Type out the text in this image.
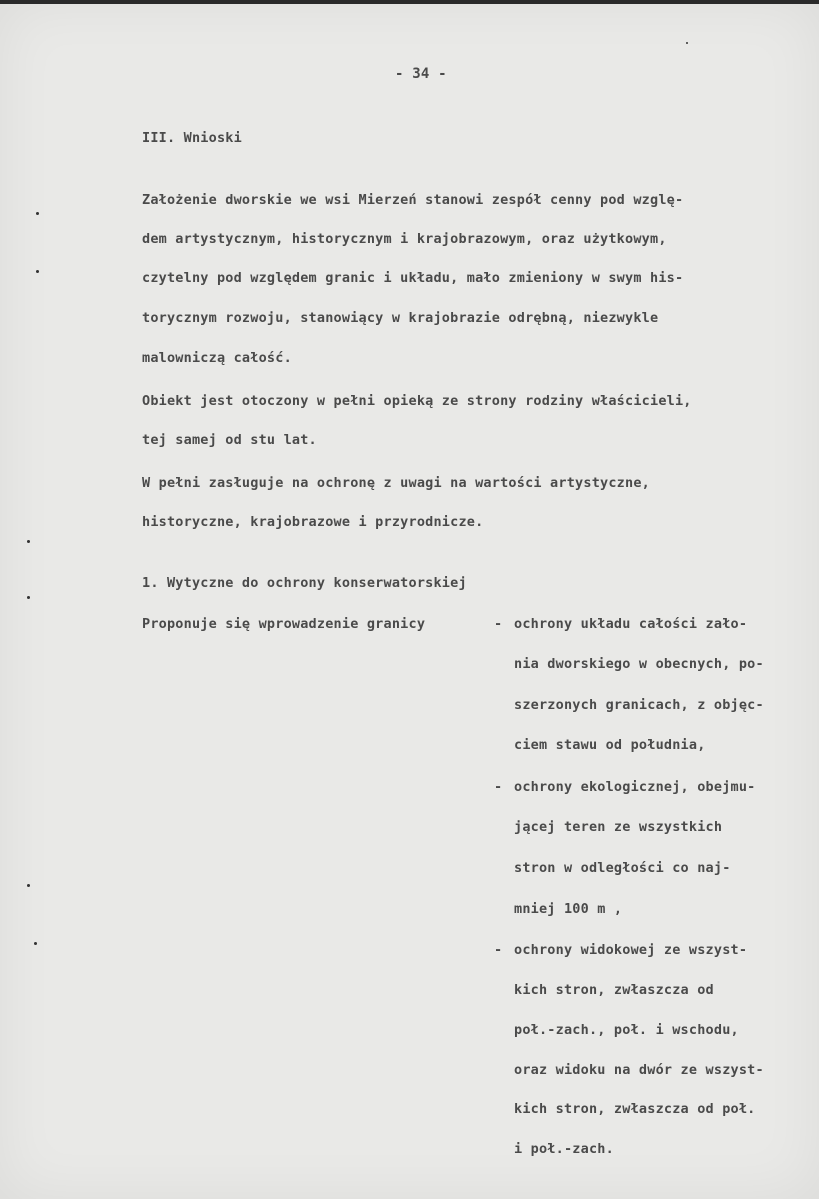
- 34 -
III. Wnioski
Założenie dworskie we wsi Mierzeń stanowi zespół cenny pod wzglę-
dem artystycznym, historycznym i krajobrazowym, oraz użytkowym,
czytelny pod względem granic i układu, mało zmieniony w swym his-
torycznym rozwoju, stanowiący w krajobrazie odrębną, niezwykle
malowniczą całość.
Obiekt jest otoczony w pełni opieką ze strony rodziny właścicieli,
tej samej od stu lat.
W pełni zasługuje na ochronę z uwagi na wartości artystyczne,
historyczne, krajobrazowe i przyrodnicze.
1. Wytyczne do ochrony konserwatorskiej
Proponuje się wprowadzenie granicy	- ochrony układu całości zało-
nia dworskiego w obecnych, po-
szerzonych granicach, z objęc-
ciem stawu od południa,
- ochrony ekologicznej, obejmu-
jącej teren ze wszystkich
stron w odległości co naj-
mniej 100 m ,
- ochrony widokowej ze wszyst-
kich stron, zwłaszcza od
poł.-zach., poł. i wschodu,
oraz widoku na dwór ze wszyst-
kich stron, zwłaszcza od poł.
i poł.-zach.
